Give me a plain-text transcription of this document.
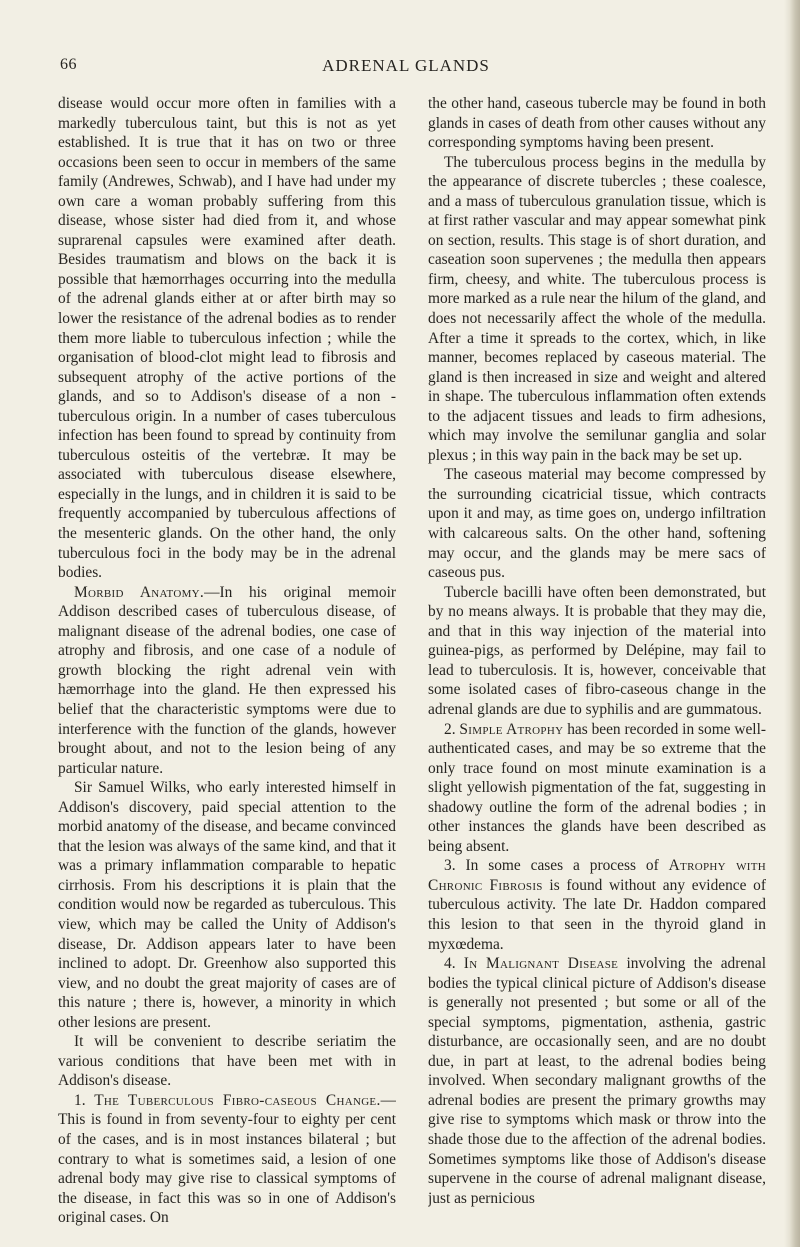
66	ADRENAL GLANDS

disease would occur more often in families with a markedly tuberculous taint, but this is not as yet established. It is true that it has on two or three occasions been seen to occur in members of the same family (Andrewes, Schwab), and I have had under my own care a woman probably suffering from this disease, whose sister had died from it, and whose suprarenal capsules were examined after death. Besides traumatism and blows on the back it is possible that hæmorrhages occurring into the medulla of the adrenal glands either at or after birth may so lower the resistance of the adrenal bodies as to render them more liable to tuberculous infection ; while the organisation of blood-clot might lead to fibrosis and subsequent atrophy of the active portions of the glands, and so to Addison's disease of a non - tuberculous origin. In a number of cases tuberculous infection has been found to spread by continuity from tuberculous osteitis of the vertebræ. It may be associated with tuberculous disease elsewhere, especially in the lungs, and in children it is said to be frequently accompanied by tuberculous affections of the mesenteric glands. On the other hand, the only tuberculous foci in the body may be in the adrenal bodies.

Morbid Anatomy.—In his original memoir Addison described cases of tuberculous disease, of malignant disease of the adrenal bodies, one case of atrophy and fibrosis, and one case of a nodule of growth blocking the right adrenal vein with hæmorrhage into the gland. He then expressed his belief that the characteristic symptoms were due to interference with the function of the glands, however brought about, and not to the lesion being of any particular nature.

Sir Samuel Wilks, who early interested himself in Addison's discovery, paid special attention to the morbid anatomy of the disease, and became convinced that the lesion was always of the same kind, and that it was a primary inflammation comparable to hepatic cirrhosis. From his descriptions it is plain that the condition would now be regarded as tuberculous. This view, which may be called the Unity of Addison's disease, Dr. Addison appears later to have been inclined to adopt. Dr. Greenhow also supported this view, and no doubt the great majority of cases are of this nature ; there is, however, a minority in which other lesions are present.

It will be convenient to describe seriatim the various conditions that have been met with in Addison's disease.

1. The Tuberculous Fibro-caseous Change.—This is found in from seventy-four to eighty per cent of the cases, and is in most instances bilateral ; but contrary to what is sometimes said, a lesion of one adrenal body may give rise to classical symptoms of the disease, in fact this was so in one of Addison's original cases. On

the other hand, caseous tubercle may be found in both glands in cases of death from other causes without any corresponding symptoms having been present.

The tuberculous process begins in the medulla by the appearance of discrete tubercles ; these coalesce, and a mass of tuberculous granulation tissue, which is at first rather vascular and may appear somewhat pink on section, results. This stage is of short duration, and caseation soon supervenes ; the medulla then appears firm, cheesy, and white. The tuberculous process is more marked as a rule near the hilum of the gland, and does not necessarily affect the whole of the medulla. After a time it spreads to the cortex, which, in like manner, becomes replaced by caseous material. The gland is then increased in size and weight and altered in shape. The tuberculous inflammation often extends to the adjacent tissues and leads to firm adhesions, which may involve the semilunar ganglia and solar plexus ; in this way pain in the back may be set up.

The caseous material may become compressed by the surrounding cicatricial tissue, which contracts upon it and may, as time goes on, undergo infiltration with calcareous salts. On the other hand, softening may occur, and the glands may be mere sacs of caseous pus.

Tubercle bacilli have often been demonstrated, but by no means always. It is probable that they may die, and that in this way injection of the material into guinea-pigs, as performed by Delépine, may fail to lead to tuberculosis. It is, however, conceivable that some isolated cases of fibro-caseous change in the adrenal glands are due to syphilis and are gummatous.

2. Simple Atrophy has been recorded in some well-authenticated cases, and may be so extreme that the only trace found on most minute examination is a slight yellowish pigmentation of the fat, suggesting in shadowy outline the form of the adrenal bodies ; in other instances the glands have been described as being absent.

3. In some cases a process of Atrophy with Chronic Fibrosis is found without any evidence of tuberculous activity. The late Dr. Haddon compared this lesion to that seen in the thyroid gland in myxœdema.

4. In Malignant Disease involving the adrenal bodies the typical clinical picture of Addison's disease is generally not presented ; but some or all of the special symptoms, pigmentation, asthenia, gastric disturbance, are occasionally seen, and are no doubt due, in part at least, to the adrenal bodies being involved. When secondary malignant growths of the adrenal bodies are present the primary growths may give rise to symptoms which mask or throw into the shade those due to the affection of the adrenal bodies. Sometimes symptoms like those of Addison's disease supervene in the course of adrenal malignant disease, just as pernicious
